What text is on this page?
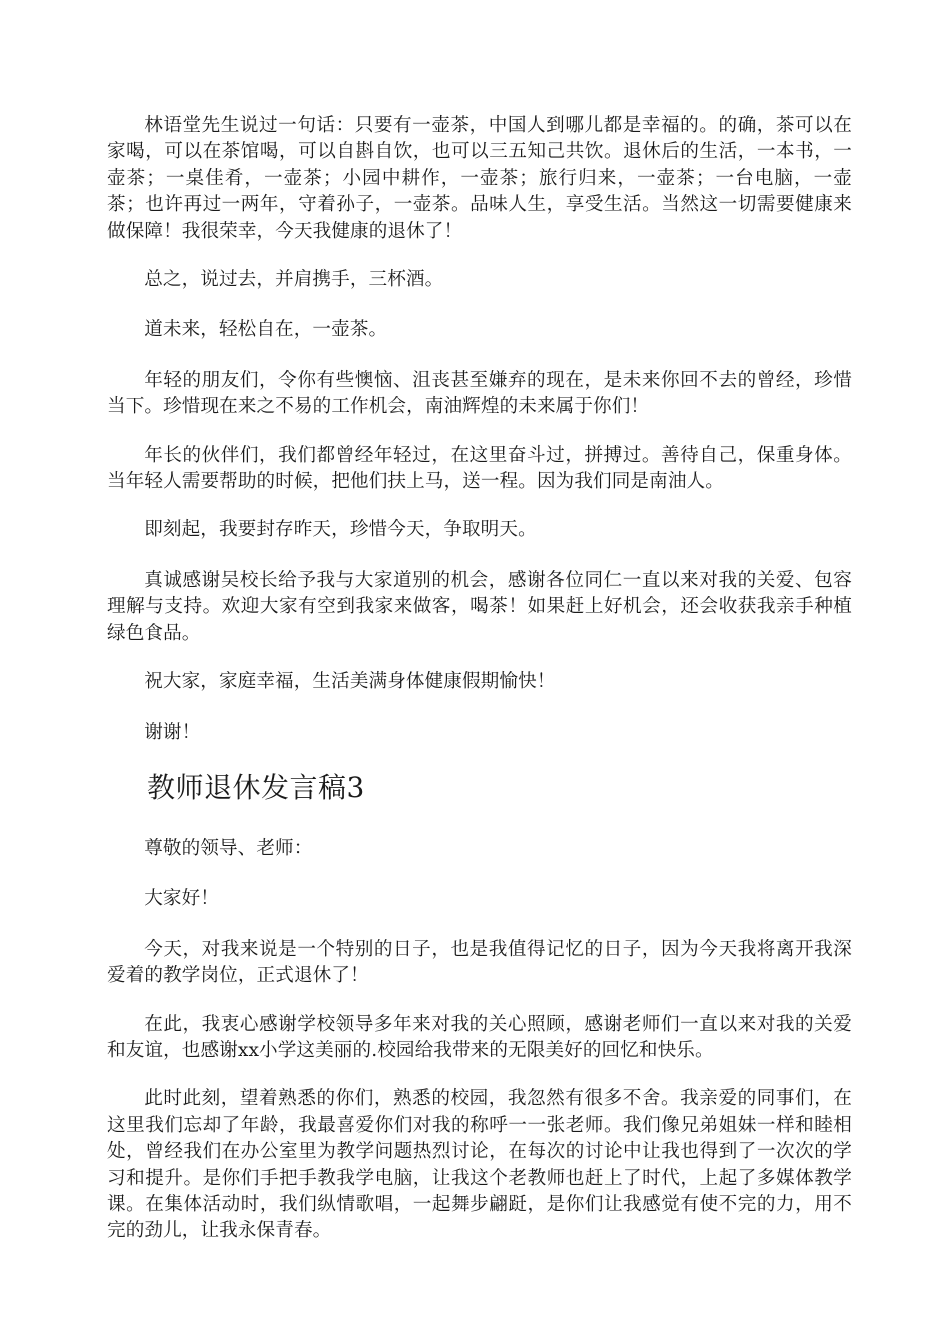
林语堂先生说过一句话：只要有一壶茶，中国人到哪儿都是幸福的。的确，茶可以在家喝，可以在茶馆喝，可以自斟自饮，也可以三五知己共饮。退休后的生活，一本书，一壶茶；一桌佳肴，一壶茶；小园中耕作，一壶茶；旅行归来，一壶茶；一台电脑，一壶茶；也许再过一两年，守着孙子，一壶茶。品味人生，享受生活。当然这一切需要健康来做保障！我很荣幸，今天我健康的退休了！

总之，说过去，并肩携手，三杯酒。

道未来，轻松自在，一壶茶。

年轻的朋友们，令你有些懊恼、沮丧甚至嫌弃的现在，是未来你回不去的曾经，珍惜当下。珍惜现在来之不易的工作机会，南油辉煌的未来属于你们！

年长的伙伴们，我们都曾经年轻过，在这里奋斗过，拼搏过。善待自己，保重身体。当年轻人需要帮助的时候，把他们扶上马，送一程。因为我们同是南油人。

即刻起，我要封存昨天，珍惜今天，争取明天。

真诚感谢吴校长给予我与大家道别的机会，感谢各位同仁一直以来对我的关爱、包容理解与支持。欢迎大家有空到我家来做客，喝茶！如果赶上好机会，还会收获我亲手种植绿色食品。

祝大家，家庭幸福，生活美满身体健康假期愉快！

谢谢！

教师退休发言稿3

尊敬的领导、老师：

大家好！

今天，对我来说是一个特别的日子，也是我值得记忆的日子，因为今天我将离开我深爱着的教学岗位，正式退休了！

在此，我衷心感谢学校领导多年来对我的关心照顾，感谢老师们一直以来对我的关爱和友谊，也感谢xx小学这美丽的.校园给我带来的无限美好的回忆和快乐。

此时此刻，望着熟悉的你们，熟悉的校园，我忽然有很多不舍。我亲爱的同事们，在这里我们忘却了年龄，我最喜爱你们对我的称呼一一张老师。我们像兄弟姐妹一样和睦相处，曾经我们在办公室里为教学问题热烈讨论，在每次的讨论中让我也得到了一次次的学习和提升。是你们手把手教我学电脑，让我这个老教师也赶上了时代，上起了多媒体教学课。在集体活动时，我们纵情歌唱，一起舞步翩跹，是你们让我感觉有使不完的力，用不完的劲儿，让我永保青春。
